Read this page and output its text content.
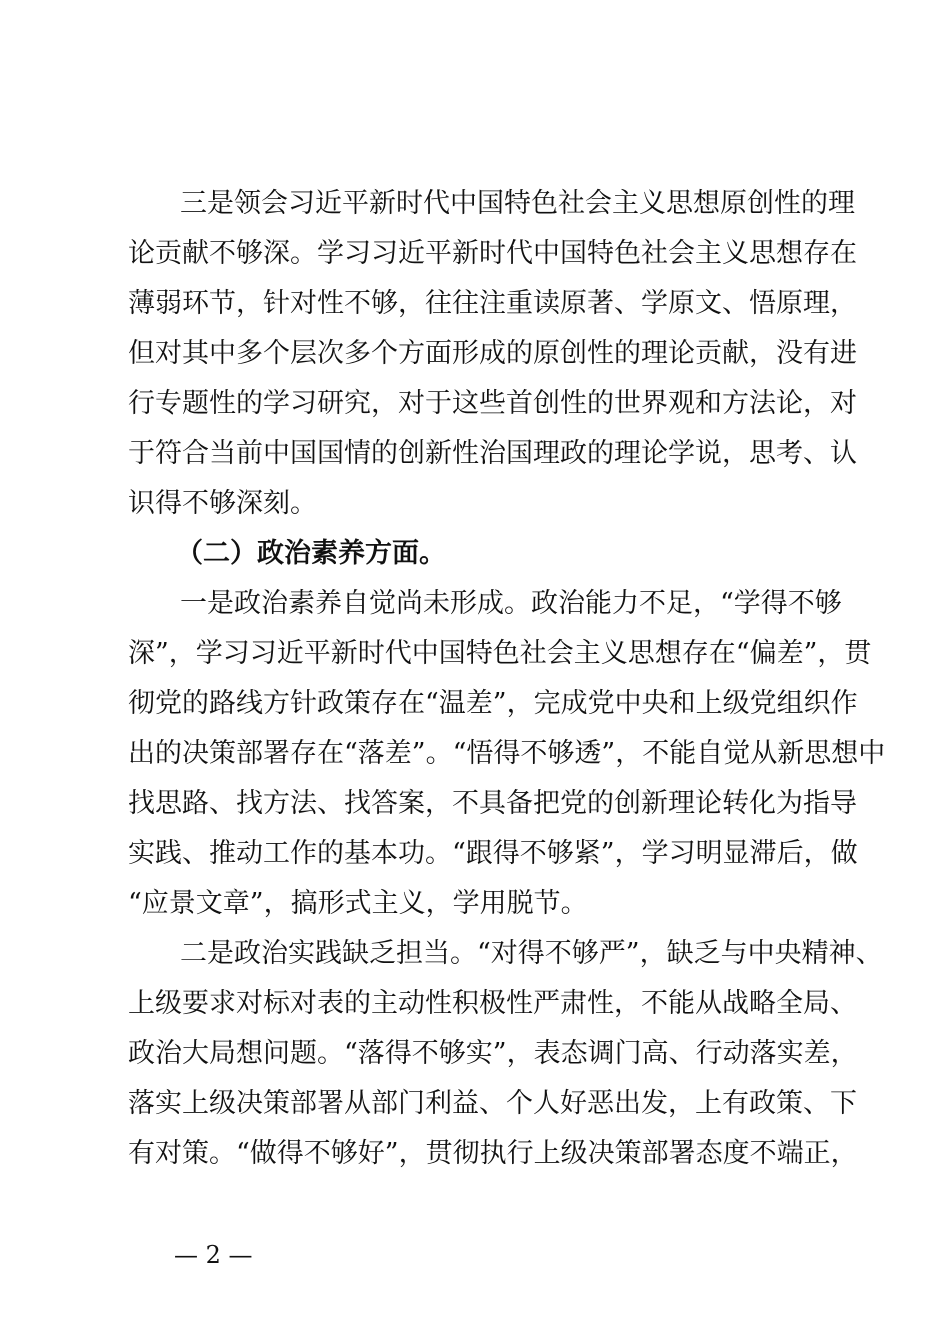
三是领会习近平新时代中国特色社会主义思想原创性的理
论贡献不够深。学习习近平新时代中国特色社会主义思想存在
薄弱环节，针对性不够，往往注重读原著、学原文、悟原理，
但对其中多个层次多个方面形成的原创性的理论贡献，没有进
行专题性的学习研究，对于这些首创性的世界观和方法论，对
于符合当前中国国情的创新性治国理政的理论学说，思考、认
识得不够深刻。
（二）政治素养方面。
一是政治素养自觉尚未形成。政治能力不足，“学得不够
深”，学习习近平新时代中国特色社会主义思想存在“偏差”，贯
彻党的路线方针政策存在“温差”，完成党中央和上级党组织作
出的决策部署存在“落差”。“悟得不够透”，不能自觉从新思想中
找思路、找方法、找答案，不具备把党的创新理论转化为指导
实践、推动工作的基本功。“跟得不够紧”，学习明显滞后，做
“应景文章”，搞形式主义，学用脱节。
二是政治实践缺乏担当。“对得不够严”，缺乏与中央精神、
上级要求对标对表的主动性积极性严肃性，不能从战略全局、
政治大局想问题。“落得不够实”，表态调门高、行动落实差，
落实上级决策部署从部门利益、个人好恶出发，上有政策、下
有对策。“做得不够好”，贯彻执行上级决策部署态度不端正，
— 2 —
